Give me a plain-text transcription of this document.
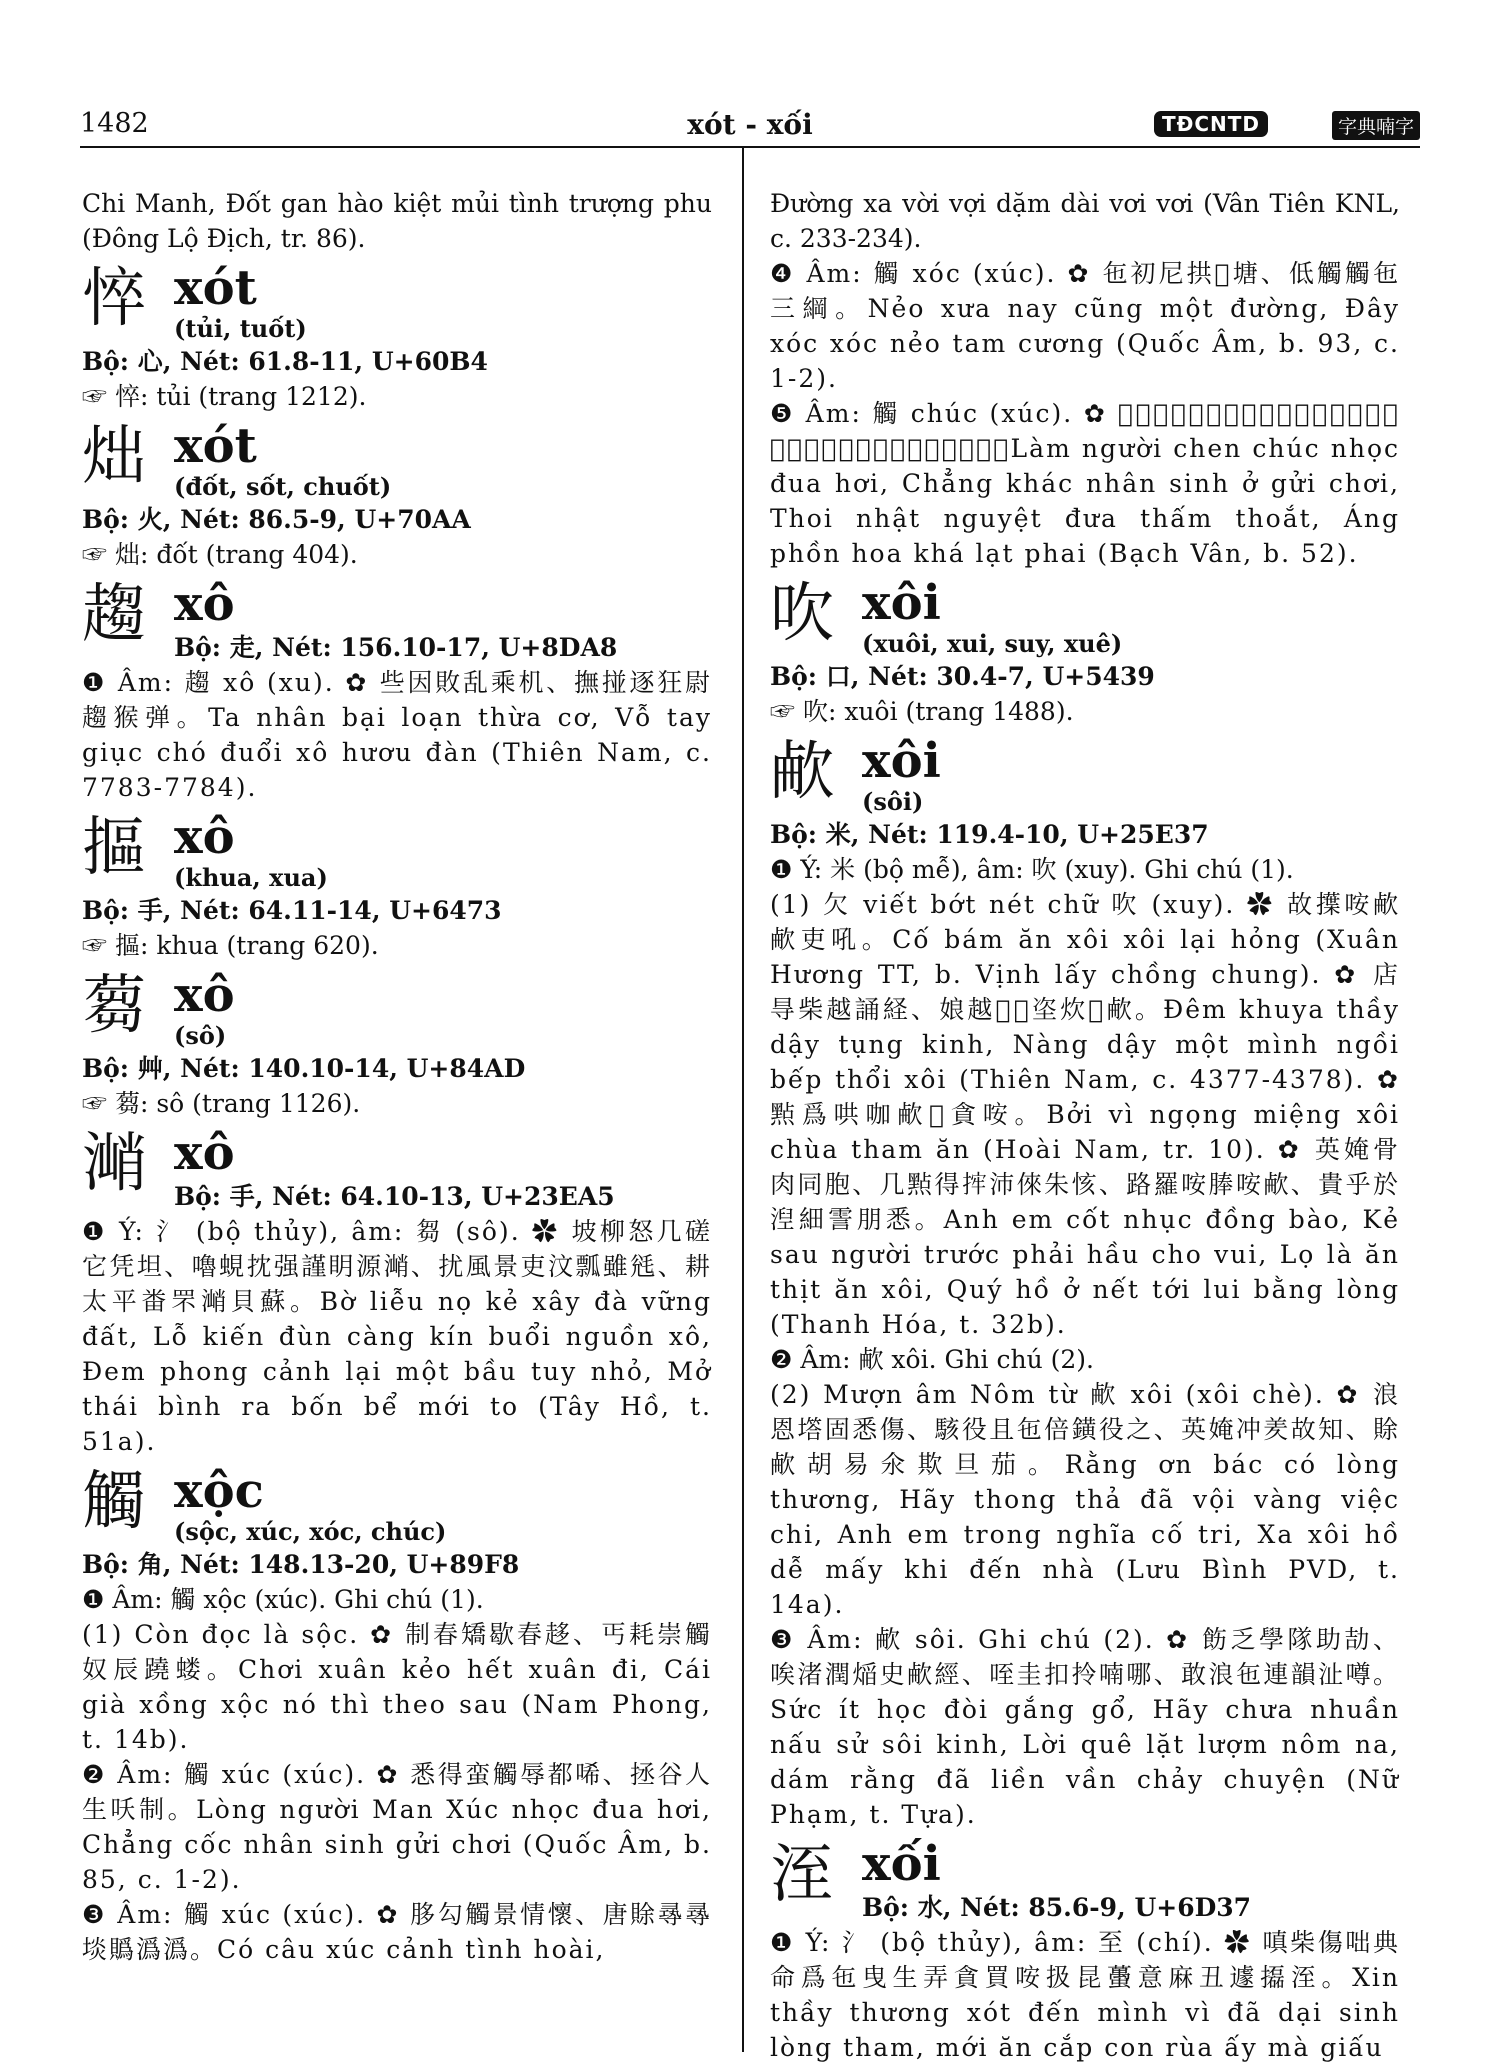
1482	xót - xối	TĐCNTD	字典喃字

Chi Manh, Đốt gan hào kiệt mủi tình trượng phu (Đông Lộ Địch, tr. 86).

悴 xót
(tủi, tuốt)

Bộ: 心, Nét: 61.8-11, U+60B4

☞ 悴: tủi (trang 1212).

炪 xót
(đốt, sốt, chuốt)

Bộ: 火, Nét: 86.5-9, U+70AA

☞ 炪: đốt (trang 404).

趨 xô
Bộ: 走, Nét: 156.10-17, U+8DA8

❶ Âm: 趨 xô (xu). ✿ 些因敗乱乘机、撫掽逐狂尉趨猴弹。Ta nhân bại loạn thừa cơ, Vỗ tay giục chó đuổi xô hươu đàn (Thiên Nam, c. 7783-7784).

摳 xô
(khua, xua)

Bộ: 手, Nét: 64.11-14, U+6473

☞ 摳: khua (trang 620).

蒭 xô
(sô)

Bộ: 艸, Nét: 140.10-14, U+84AD

☞ 蒭: sô (trang 1126).

㴥 xô
Bộ: 手, Nét: 64.10-13, U+23EA5

❶ Ý: 氵 (bộ thủy), âm: 芻 (sô). ✿ 坡柳怒几磋它凭坦、嚕蜆抌强謹眀源㴥、扰風景吏汶瓢雖毤、耕太平畨罘㴥貝蘇。Bờ liễu nọ kẻ xây đà vững đất, Lỗ kiến đùn càng kín buổi nguồn xô, Đem phong cảnh lại một bầu tuy nhỏ, Mở thái bình ra bốn bể mới to (Tây Hồ, t. 51a).

觸 xộc
(sộc, xúc, xóc, chúc)

Bộ: 角, Nét: 148.13-20, U+89F8

❶ Âm: 觸 xộc (xúc). Ghi chú (1).

(1) Còn đọc là sộc. ✿ 制春矯歇春趍、丐耗崇觸奴辰蹺蝼。Chơi xuân kẻo hết xuân đi, Cái già xồng xộc nó thì theo sau (Nam Phong, t. 14b).

❷ Âm: 觸 xúc (xúc). ✿ 悉得蛮觸辱都唏、拯谷人生㕭制。Lòng người Man Xúc nhọc đua hơi, Chẳng cốc nhân sinh gửi chơi (Quốc Âm, b. 85, c. 1-2).

❸ Âm: 觸 xúc (xúc). ✿ 䏧勾觸景情懷、唐賖㝷㝷埮䞈潙潙。Có câu xúc cảnh tình hoài,

Đường xa vời vợi dặm dài vơi vơi (Vân Tiên KNL, c. 233-234).

❹ Âm: 觸 xóc (xúc). ✿ 㐌初尼拱𡗶塘、低觸觸㐌三綱。Nẻo xưa nay cũng một đường, Đây xóc xóc nẻo tam cương (Quốc Âm, b. 93, c. 1-2).

❺ Âm: 觸 chúc (xúc). ✿ 𡗶𩈘𩄲觸勵都唏、拯恪人生於㕭制、梭日月迻探捽、垒繁花呵㵢湃。Làm người chen chúc nhọc đua hơi, Chẳng khác nhân sinh ở gửi chơi, Thoi nhật nguyệt đưa thấm thoắt, Áng phồn hoa khá lạt phai (Bạch Vân, b. 52).

吹 xôi
(xuôi, xui, suy, xuê)

Bộ: 口, Nét: 30.4-7, U+5439

☞ 吹: xuôi (trang 1488).

欳 xôi
(sôi)

Bộ: 米, Nét: 119.4-10, U+25E37

❶ Ý: 米 (bộ mễ), âm: 吹 (xuy). Ghi chú (1).

(1) 欠 viết bớt nét chữ 吹 (xuy). ✿ 故擛咹欳欳吏吼。Cố bám ăn xôi xôi lại hỏng (Xuân Hương TT, b. Vịnh lấy chồng chung). ✿ 店㝵柴越誦経、娘越𡗶𡢐垐炊𥄭欳。Đêm khuya thầy dậy tụng kinh, Nàng dậy một mình ngồi bếp thổi xôi (Thiên Nam, c. 4377-4378). ✿ 㸃爲哄咖欳𡑝貪咹。Bởi vì ngọng miệng xôi chùa tham ăn (Hoài Nam, tr. 10). ✿ 英㛪骨肉同胞、几㸃得𢭂沛倈朱㤥、路羅咹䏾咹欳、貴乎於湼細霅朋悉。Anh em cốt nhục đồng bào, Kẻ sau người trước phải hầu cho vui, Lọ là ăn thịt ăn xôi, Quý hồ ở nết tới lui bằng lòng (Thanh Hóa, t. 32b).

❷ Âm: 欳 xôi. Ghi chú (2).

(2) Mượn âm Nôm từ 欳 xôi (xôi chè). ✿ 浪恩㙮固悉傷、駭役且㐌倍鐄役之、英㛪冲羑故知、賖欳胡易氽欺旦茄。Rằng ơn bác có lòng thương, Hãy thong thả đã vội vàng việc chi, Anh em trong nghĩa cố tri, Xa xôi hồ dễ mấy khi đến nhà (Lưu Bình PVD, t. 14a).

❸ Âm: 欳 sôi. Ghi chú (2). ✿ 飭乏學隊助劼、唉渚潤㷔史欳經、咥圭扣拎喃哪、敢浪㐌連韻沚噂。Sức ít học đòi gắng gổ, Hãy chưa nhuần nấu sử sôi kinh, Lời quê lặt lượm nôm na, dám rằng đã liền vần chảy chuyện (Nữ Phạm, t. Tựa).

洷 xối
Bộ: 水, Nét: 85.6-9, U+6D37

❶ Ý: 氵 (bộ thủy), âm: 至 (chí). ✿ 嗔柴傷咄典命爲㐌曳生弄貪買咹扱昆蠆意麻丑遽㩡洷。Xin thầy thương xót đến mình vì đã dại sinh lòng tham, mới ăn cắp con rùa ấy mà giấu
